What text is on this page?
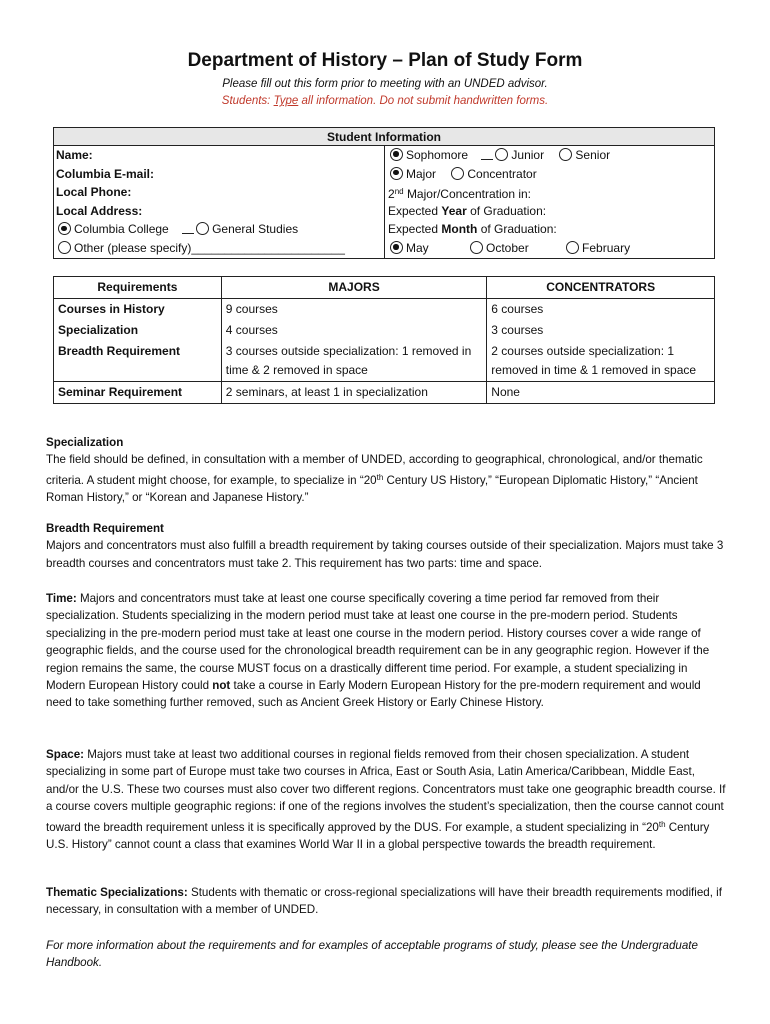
Department of History – Plan of Study Form
Please fill out this form prior to meeting with an UNDED advisor.
Students: Type all information. Do not submit handwritten forms.
Student Information
Name:
Columbia E-mail:
Local Phone:
Local Address:
Columbia College	General Studies
Other (please specify)_______________________
Sophomore	Junior	Senior
Major	Concentrator
2nd Major/Concentration in:
Expected Year of Graduation:
Expected Month of Graduation:
May	October	February
Requirements	MAJORS	CONCENTRATORS
Courses in History	9 courses	6 courses
Specialization	4 courses	3 courses
Breadth Requirement	3 courses outside specialization: 1 removed in time & 2 removed in space	2 courses outside specialization: 1 removed in time & 1 removed in space
Seminar Requirement	2 seminars, at least 1 in specialization	None
Specialization
The field should be defined, in consultation with a member of UNDED, according to geographical, chronological, and/or thematic criteria. A student might choose, for example, to specialize in “20th Century US History,” “European Diplomatic History,” “Ancient Roman History,” or “Korean and Japanese History.”
Breadth Requirement
Majors and concentrators must also fulfill a breadth requirement by taking courses outside of their specialization. Majors must take 3 breadth courses and concentrators must take 2. This requirement has two parts: time and space.
Time: Majors and concentrators must take at least one course specifically covering a time period far removed from their specialization. Students specializing in the modern period must take at least one course in the pre-modern period. Students specializing in the pre-modern period must take at least one course in the modern period. History courses cover a wide range of geographic fields, and the course used for the chronological breadth requirement can be in any geographic region. However if the region remains the same, the course MUST focus on a drastically different time period. For example, a student specializing in Modern European History could not take a course in Early Modern European History for the pre-modern requirement and would need to take something further removed, such as Ancient Greek History or Early Chinese History.
Space: Majors must take at least two additional courses in regional fields removed from their chosen specialization. A student specializing in some part of Europe must take two courses in Africa, East or South Asia, Latin America/Caribbean, Middle East, and/or the U.S. These two courses must also cover two different regions. Concentrators must take one geographic breadth course. If a course covers multiple geographic regions: if one of the regions involves the student’s specialization, then the course cannot count toward the breadth requirement unless it is specifically approved by the DUS. For example, a student specializing in “20th Century U.S. History” cannot count a class that examines World War II in a global perspective towards the breadth requirement.
Thematic Specializations: Students with thematic or cross-regional specializations will have their breadth requirements modified, if necessary, in consultation with a member of UNDED.
For more information about the requirements and for examples of acceptable programs of study, please see the Undergraduate Handbook.
